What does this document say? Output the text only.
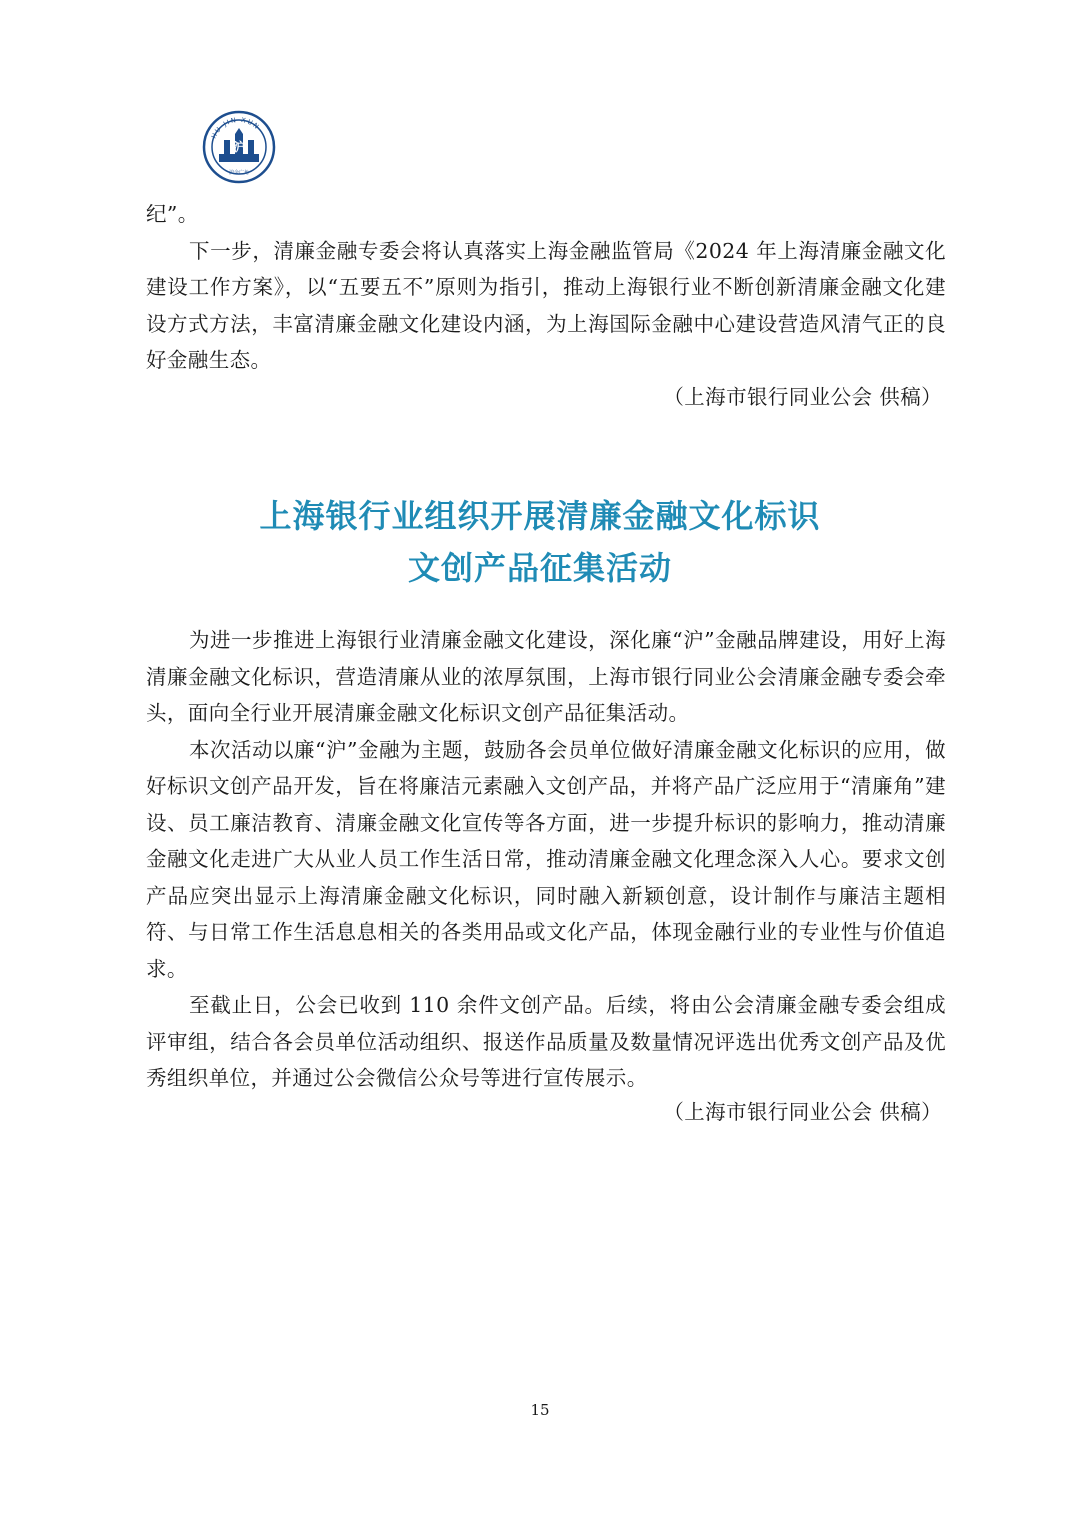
HU JIN XUN
沪
沪金广角

纪”。

下一步，清廉金融专委会将认真落实上海金融监管局《2024 年上海清廉金融文化建设工作方案》，以“五要五不”原则为指引，推动上海银行业不断创新清廉金融文化建设方式方法，丰富清廉金融文化建设内涵，为上海国际金融中心建设营造风清气正的良好金融生态。

（上海市银行同业公会 供稿）
上海银行业组织开展清廉金融文化标识
文创产品征集活动

为进一步推进上海银行业清廉金融文化建设，深化廉“沪”金融品牌建设，用好上海清廉金融文化标识，营造清廉从业的浓厚氛围，上海市银行同业公会清廉金融专委会牵头，面向全行业开展清廉金融文化标识文创产品征集活动。

本次活动以廉“沪”金融为主题，鼓励各会员单位做好清廉金融文化标识的应用，做好标识文创产品开发，旨在将廉洁元素融入文创产品，并将产品广泛应用于“清廉角”建设、员工廉洁教育、清廉金融文化宣传等各方面，进一步提升标识的影响力，推动清廉金融文化走进广大从业人员工作生活日常，推动清廉金融文化理念深入人心。要求文创产品应突出显示上海清廉金融文化标识，同时融入新颖创意，设计制作与廉洁主题相符、与日常工作生活息息相关的各类用品或文化产品，体现金融行业的专业性与价值追求。

至截止日，公会已收到 110 余件文创产品。后续，将由公会清廉金融专委会组成评审组，结合各会员单位活动组织、报送作品质量及数量情况评选出优秀文创产品及优秀组织单位，并通过公会微信公众号等进行宣传展示。

（上海市银行同业公会 供稿）
15
